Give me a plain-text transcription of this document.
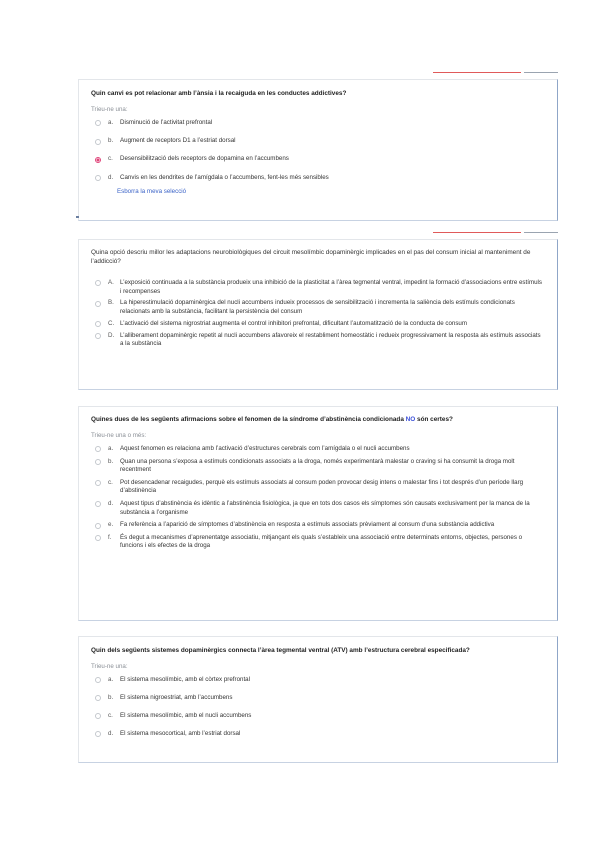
Quin canvi es pot relacionar amb l’ànsia i la recaiguda en les conductes addictives?
Trieu-ne una:
a.	Disminució de l’activitat prefrontal
b.	Augment de receptors D1 a l’estriat dorsal
c.	Desensibilització dels receptors de dopamina en l’accumbens
d.	Canvis en les dendrites de l’amígdala o l’accumbens, fent-les més sensibles
Esborra la meva selecció
Quina opció descriu millor les adaptacions neurobiològiques del circuit mesolímbic dopaminèrgic implicades en el pas del consum inicial al manteniment de l’addicció?
A. L’exposició continuada a la substància produeix una inhibició de la plasticitat a l’àrea tegmental ventral, impedint la formació d’associacions entre estímuls i recompenses
B. La hiperestimulació dopaminèrgica del nucli accumbens indueix processos de sensibilització i incrementa la saliència dels estímuls condicionats relacionats amb la substància, facilitant la persistència del consum
C. L’activació del sistema nigrostriat augmenta el control inhibitori prefrontal, dificultant l’automatització de la conducta de consum
D. L’alliberament dopaminèrgic repetit al nucli accumbens afavoreix el restabliment homeostàtic i redueix progressivament la resposta als estímuls associats a la substància
Quines dues de les següents afirmacions sobre el fenomen de la síndrome d’abstinència condicionada NO són certes?
Trieu-ne una o més:
a.	Aquest fenomen es relaciona amb l’activació d’estructures cerebrals com l’amígdala o el nucli accumbens
b.	Quan una persona s’exposa a estímuls condicionats associats a la droga, només experimentarà malestar o craving si ha consumit la droga molt recentment
c.	Pot desencadenar recaigudes, perquè els estímuls associats al consum poden provocar desig intens o malestar fins i tot després d’un període llarg d’abstinència
d.	Aquest tipus d’abstinència és idèntic a l’abstinència fisiològica, ja que en tots dos casos els símptomes són causats exclusivament per la manca de la substància a l’organisme
e.	Fa referència a l’aparició de símptomes d’abstinència en resposta a estímuls associats prèviament al consum d’una substància addictiva
f.	És degut a mecanismes d’aprenentatge associatiu, mitjançant els quals s’estableix una associació entre determinats entorns, objectes, persones o funcions i els efectes de la droga
Quin dels següents sistemes dopaminèrgics connecta l’àrea tegmental ventral (ATV) amb l’estructura cerebral especificada?
Trieu-ne una:
a.	El sistema mesolímbic, amb el còrtex prefrontal
b.	El sistema nigroestriat, amb l’accumbens
c.	El sistema mesolímbic, amb el nucli accumbens
d.	El sistema mesocortical, amb l’estriat dorsal
